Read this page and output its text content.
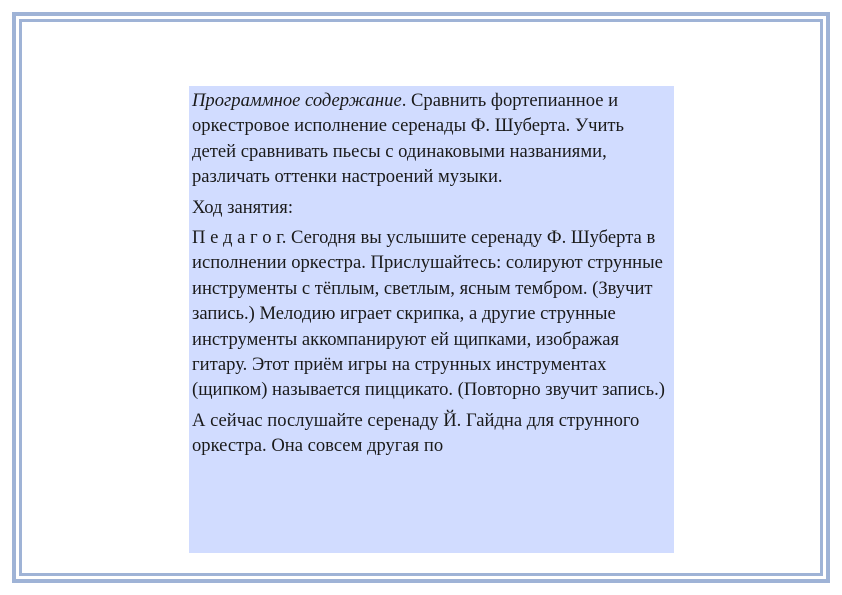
Программное содержание. Сравнить фортепианное и оркестровое исполнение серенады Ф. Шуберта. Учить детей сравнивать пьесы с одинаковыми названиями, различать оттенки настроений музыки.

Ход занятия:

П е д а г о г. Сегодня вы услышите серенаду Ф. Шуберта в исполнении оркестра. Прислушайтесь: солируют струнные инструменты с тёплым, светлым, ясным тембром. (Звучит запись.) Мелодию играет скрипка, а другие струнные инструменты аккомпанируют ей щипками, изображая гитару. Этот приём игры на струнных инструментах (щипком) называется пиццикато. (Повторно звучит запись.)

А сейчас послушайте серенаду Й. Гайдна для струнного оркестра. Она совсем другая по
